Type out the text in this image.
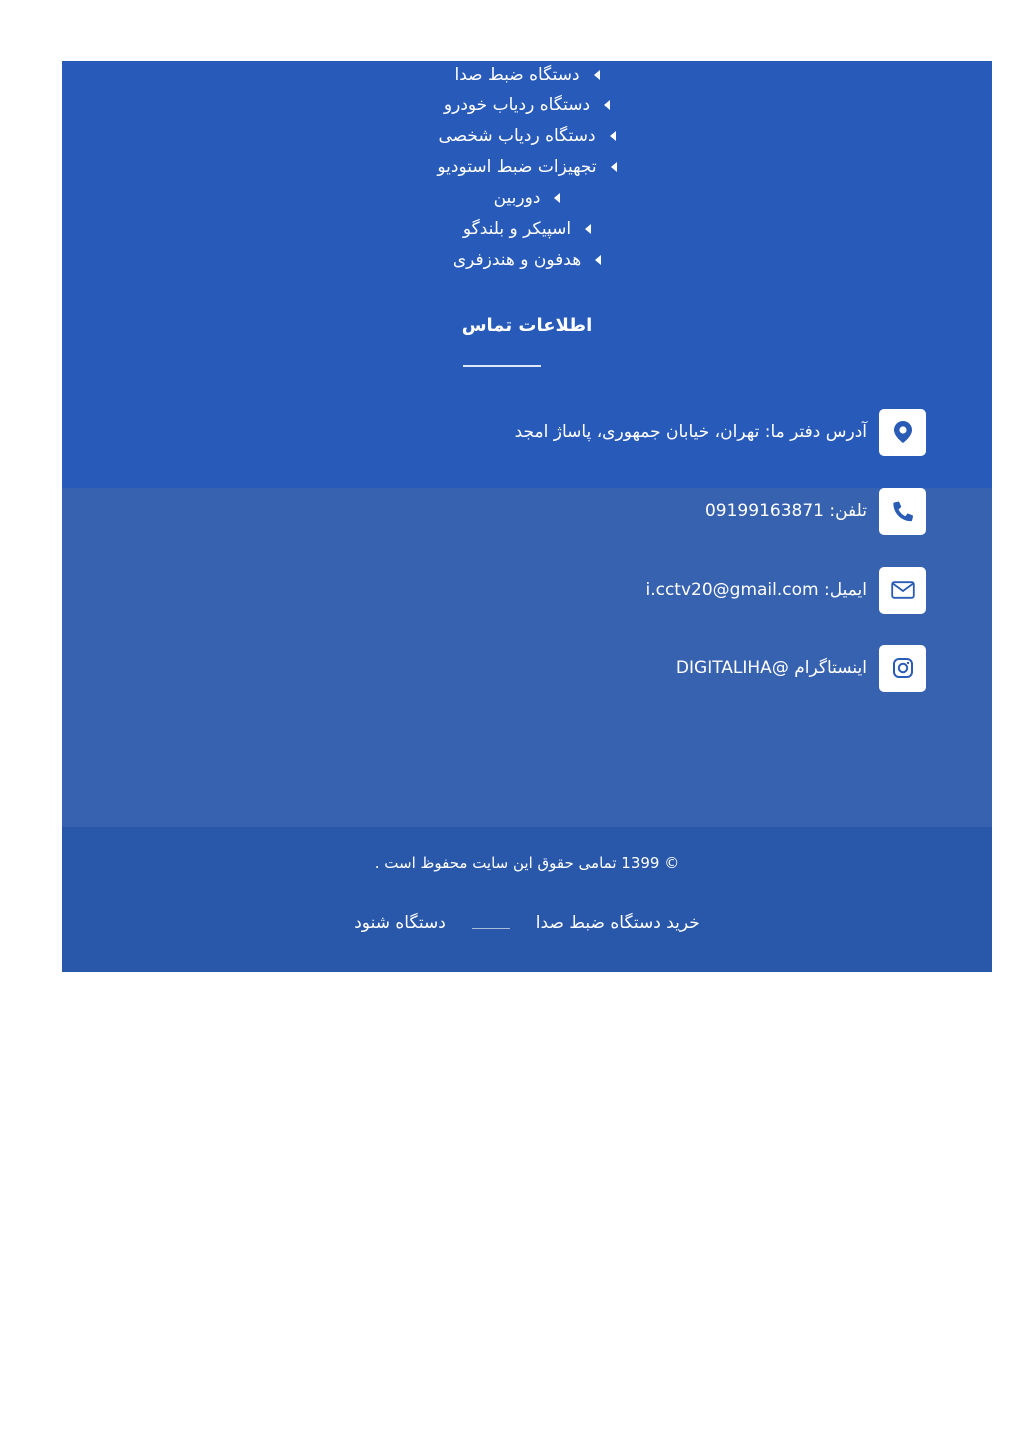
دستگاه ضبط صدا
دستگاه ردیاب خودرو
دستگاه ردیاب شخصی
تجهیزات ضبط استودیو
دوربین
اسپیکر و بلندگو
هدفون و هندزفری
اطلاعات تماس
آدرس دفتر ما: تهران، خیابان جمهوری، پاساژ امجد
تلفن: 09199163871
ایمیل: i.cctv20@gmail.com
اینستاگرام @DIGITALIHA
© 1399 تمامی حقوق این سایت محفوظ است .
خرید دستگاه ضبط صدا
دستگاه شنود
